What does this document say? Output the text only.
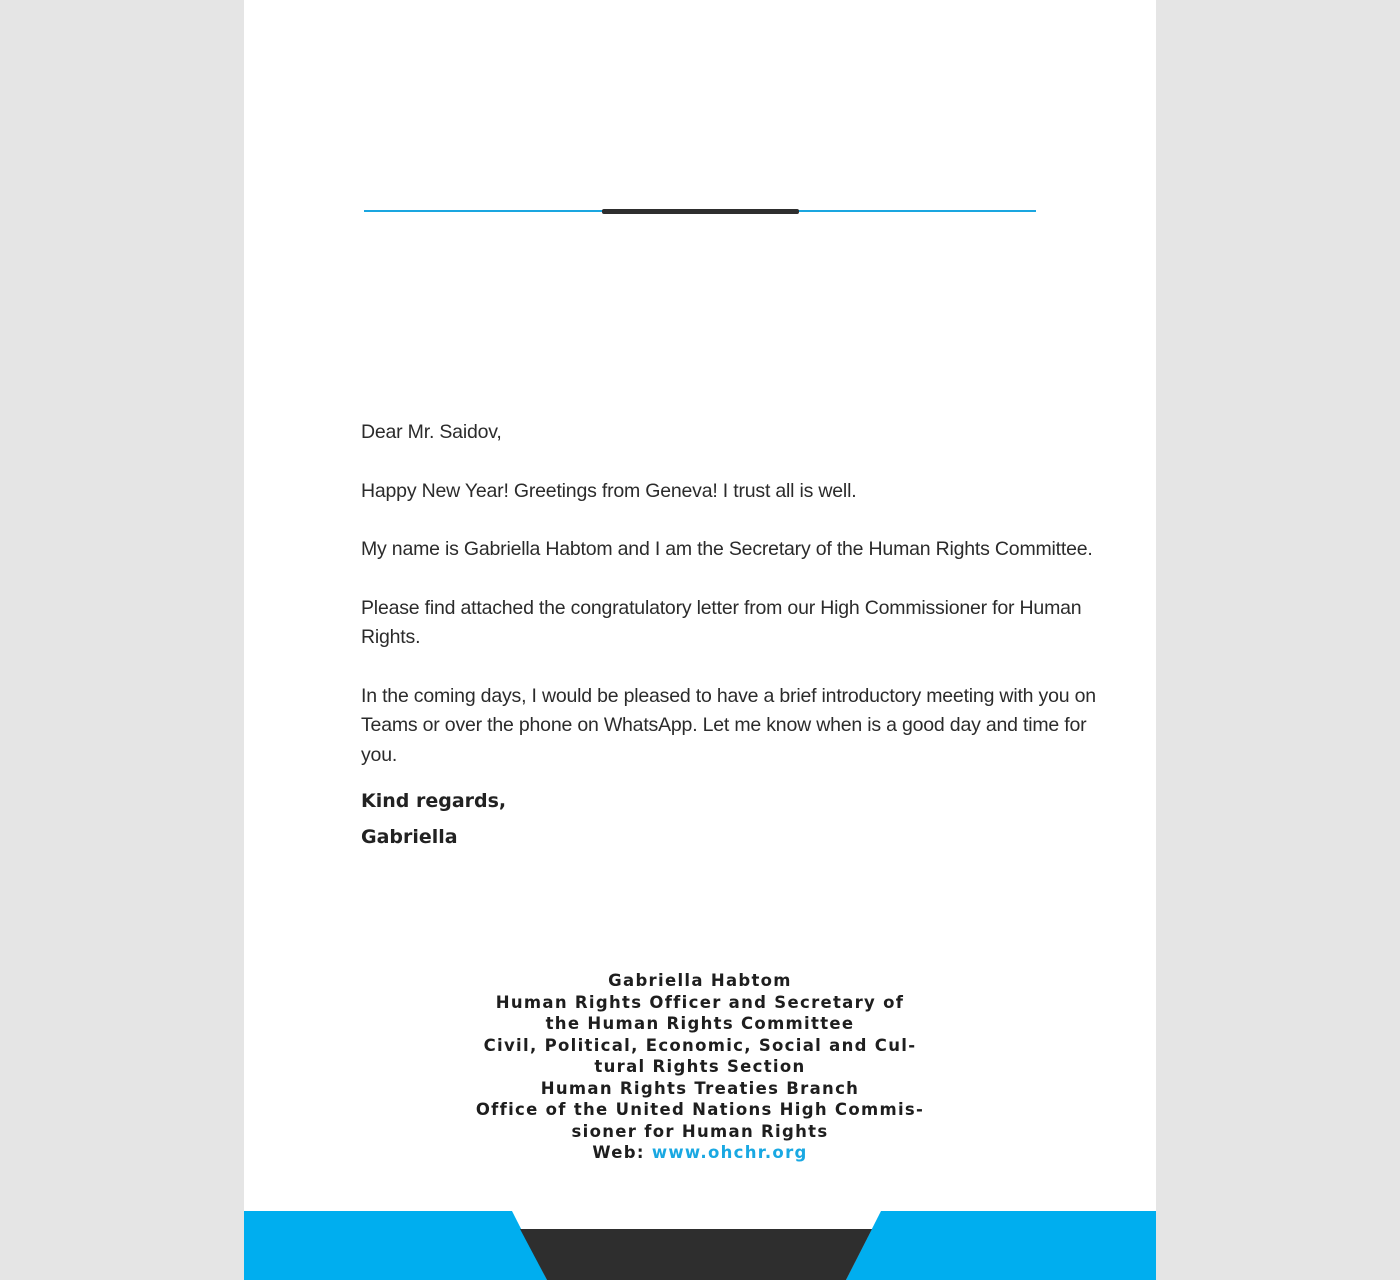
Dear Mr. Saidov,

Happy New Year! Greetings from Geneva! I trust all is well.

My name is Gabriella Habtom and I am the Secretary of the Human Rights Committee.

Please find attached the congratulatory letter from our High Commissioner for Human Rights.

In the coming days, I would be pleased to have a brief introductory meeting with you on Teams or over the phone on WhatsApp. Let me know when is a good day and time for you.

Kind regards,
Gabriella
Gabriella Habtom
Human Rights Officer and Secretary of
the Human Rights Committee
Civil, Political, Economic, Social and Cul-
tural Rights Section
Human Rights Treaties Branch
Office of the United Nations High Commis-
sioner for Human Rights
Web: www.ohchr.org
